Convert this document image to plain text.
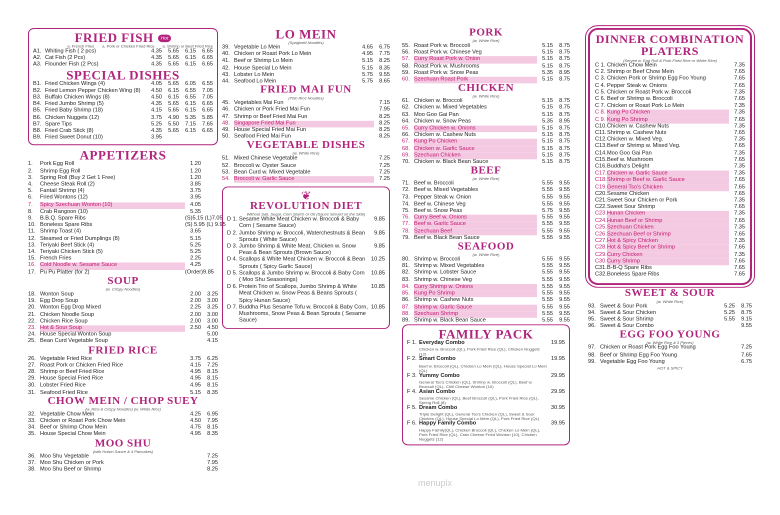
FRIED FISH	Hot
a. French Fries a. Pork or Chicken Fried Rice a. Shrimp or Beef Fried Rice
A1. Whiting Fish ( 2 pcs)	4.35	5.65	6.15	6.65
A2. Cat Fish (2 Pcs)	4.35	5.65	6.15	6.65
A3. Flounder Fish (2 Pcs)	4.35	5.65	6.15	6.65
SPECIAL DISHES
B1. Fried Chicken Wings (4)	4.05	5.65	6.05	6.55
B2. Fried Lemon Pepper Chicken Wing (8)	4.50	6.15	6.55	7.05
B3. Buffalo Chicken Wings (8)	4.50	6.15	6.55	7.05
B4. Fried Jumbo Shrimp (5)	4.35	5.65	6.15	6.65
B5. Fried Baby Shrimp (18)	4.15	5.65	6.15	6.65
B6. Chicken Nuggets (12)	3.75	4.90	5.35	5.85
B7. Spare Tips	5.25	5.50	7.15	7.65
B8. Fried Crab Stick (8)	4.35	5.65	6.15	6.65
B9. Fried Sweet Donut (10)	3.95
APPETIZERS
1.	Pork Egg Roll	1.20
2.	Shrimp Egg Roll	1.20
3.	Spring Roll (Buy 2 Get 1 Free)	1.20
4.	Cheese Steak Roll (2)	3.85
5.	Fantail Shrimp (4)	3.75
6.	Fried Wontons (12)	3.95
7.	Spicy Szechuan Wonton (10)	4.05
8.	Crab Rangoon (10)	5.35
9.	B.B.Q. Spare Ribs	(S)5.15 (L)7.05
10. Boneless Spare Ribs	(S) 5.95 (L) 9.95
11. Shrimp Toast (4)	3.65
12. Steamed or Fried Dumplings (8)	5.15
13. Teriyaki Beef Stick (4)	5.25
14. Teriyaki Chicken Stick (5)	5.25
15. French Fries	2.25
16. Cold Noodle w. Sesame Sauce	4.25
17. Pu Pu Platter (for 2)	(Order)9.85
SOUP
(w. Crispy Noodles)
18. Wonton Soup	2.00	3.25
19. Egg Drop Soup	2.00	3.00
20. Wonton Egg Drop Mixed	2.25	3.25
21. Chicken Noodle Soup	2.00	3.00
22. Chicken Rice Soup	2.00	3.00
23. Hot & Sour Soup	2.50	4.50
24. House Special Wonton Soup	5.00
25. Bean Curd Vegetable Soup	4.15
FRIED RICE
26. Vegetable Fried Rice	3.75	6.25
27. Roast Pork or Chicken Fried Rice	4.15	7.25
28. Shrimp or Beef Fried Rice	4.95	8.15
29. House Special Fried Rice	4.95	8.15
30. Lobster Fried Rice	4.95	8.15
31. Seafood Fried Rice	5.15	8.35
CHOW MEIN / CHOP SUEY
(w. Rice & Crispy Noodles) (w. White Rice)
32. Vegetable Chow Mein	4.25	6.95
33. Chicken or Roast Pork Chow Mein	4.50	7.95
34. Beef or Shrimp Chow Mein	4.75	8.15
35. House Special Chow Mein	4.95	8.35
MOO SHU
(with Hoisin Sauce & 4 Pancakes)
36. Moo Shu Vegetable	7.25
37. Moo Shu Chicken or Pork	7.95
38. Moo Shu Beef or Shrimp	8.25
LO MEIN
(Spaghetti Noodles)
39. Vegetable Lo Mein	4.65	6.75
40. Chicken or Roast Pork Lo Mein	4.95	7.75
41. Beef or Shrimp Lo Mein	5.15	8.25
42. House Special Lo Mein	5.15	8.35
43. Lobster Lo Mein	5.75	9.55
44. Seafood Lo Mein	5.75	8.65
FRIED MAI FUN
(Thin Rice Noodles)
45. Vegetables Mai Fun	7.15
46. Chicken or Pork Fried Mai Fun	7.95
47. Shrimp or Beef Fried Mai Fun	8.25
48. Singapore Fried Mai Fun	8.25
49. House Special Fried Mai Fun	8.25
50. Seafood Fried Mai Fun	8.25
VEGETABLE DISHES
(w. White Rice)
51. Mixed Chinese Vegetable	7.25
52. Broccoli w. Oyster Sauce	7.25
53. Bean Curd w. Mixed Vegetable	7.25
54. Broccoli w. Garlic Sauce	7.25
❦
REVOLUTION DIET
Without Salt, Sugar, Corn Starch or Oil (Sauce Served on the Side)
D 1. Sesame White Meat Chicken w. Broccoli & Baby Corn ( Sesame Sauce)
9.85
D 2. Jumbo Shrimp w. Broccoli, Waterchestnuts & Bean Sprouts ( White Sauce)
9.85
D 3. Jumbo Shrimp & White Meat, Chicken w. Snow Peas & Bean Sprouts (Brown Sauce)
9.85
D 4. Scallops & White Meat Chicken w. Broccoli & Bean Sprouts ( Spicy Garlic Sauce)
10.25
D 5. Scallops & Jumbo Shrimp w. Broccoli & Baby Corn ( Moo Shu Seasonings)
10.85
D 6. Protein Trio of Scallops, Jumbo Shrimp & White Meat Chicken w. Snow Peas & Beans Sprouts ( Spicy Hunan Sauce)
10.85
D 7. Buddha Plus Sesame Tofu w. Broccoli & Baby Corn, Mushrooms, Snow Peas & Bean Sprouts ( Sesame Sauce)
10.85
PORK
(w. White Rice)
55. Roast Pork w. Broccoli	5.15	8.75
56. Roast Pork w. Chinese Veg	5.15	8.75
57. Curry Roast Pork w. Onion	5.15	8.75
58. Roast Pork w. Mushrooms	5.15	8.75
59. Roast Pork w. Snow Peas	5.35	8.95
60. Szechuan Roast Pork	5.15	8.75
CHICKEN
(w. White Rice)
61. Chicken w. Broccoli	5.15	8.75
62. Chicken w. Mixed Vegetables	5.15	8.75
63. Moo Goo Gai Pan	5.15	8.75
64. Chicken w. Snow Peas	5.35	8.95
65. Curry Chicken w. Onions	5.15	8.75
66. Chicken w. Cashew Nuts	5.15	8.75
67. Kung Po Chicken	5.15	8.75
68. Chicken w. Garlic Sauce	5.15	8.75
69. Szechuan Chicken	5.15	8.75
70. Chicken w. Black Bean Sauce	5.15	8.75
BEEF
(w. White Rice)
71. Beef w. Broccoli	5.55	9.55
72. Beef w. Mixed Vegetables	5.55	9.55
73. Pepper Steak w. Onion	5.55	9.55
74. Beef w. Chinese Veg	5.55	9.55
75. Beef w. Snow Peas	5.75	9.55
76. Curry Beef w. Onions	5.55	9.55
77. Beef w. Garlic Sauce	5.55	9.55
78. Szechuan Beef	5.55	9.55
79. Beef w. Black Bean Sauce	5.55	9.55
SEAFOOD
(w. White Rice)
80. Shrimp w. Broccoli	5.55	9.55
81. Shrimp w. Mixed Vegetables	5.55	9.55
82. Shrimp w. Lobster Sauce	5.55	9.55
83. Shrimp w. Chinese Veg	5.55	9.55
84. Curry Shrimp w. Onions	5.55	9.55
85. Kung Po Shrimp	5.55	9.55
86. Shrimp w. Cashew Nuts	5.55	9.55
87. Shrimp w. Garlic Sauce	5.55	9.55
88. Szechuan Shrimp	5.55	9.55
89. Shrimp w. Black Bean Sauce	5.55	9.55
FAMILY PACK
F 1. Everyday Combo	19.95
Chicken w. Broccoli (QL), Pork Fried Rice (QL), Chicken Nuggets (12)
F 2. Smart Combo	19.95
Beef w. Broccoli (QL), Chicken Lo Mein (QL), House Special Lo Mein (QL)
F 3. Yummy Combo	29.95
General Tso's Chicken (QL), Shrimp w. Broccoli (QL), Beef w. Broccoli (QL), Chili Cheese Wonton (10)
F 4. Asian Combo	29.95
Sesame Chicken (QL), Beef Broccoli (QL), Pork Fried Rice (QL), Spring Roll (8)
F 5. Dream Combo	30.95
Triple Delight (QL), General Tso's Chicken (QL), Sweet & Sour Chicken (QL), House Special Lo Mein (QL), Pork Fried Rice (QL)
F 6. Happy Family Combo	39.95
Happy Family(QL), Chicken Broccoli (QL), Chicken Lo Mein (QL), Pork Fried Rice (QL), Crab Cheese Fried Wonton (10), Chicken Nuggets (12)
DINNER COMBINATION PLATERS
(Served w. Egg Roll & Pork Fried Rice or White Rice)
C 1. Chicken Chow Mein	7.35
C 2. Shrimp or Beef Chow Mein	7.65
C 3. Chicken Pork or Shrimp Egg Foo Young	7.65
C 4. Pepper Steak w. Onions	7.65
C 5. Chicken or Roast Pork w. Broccoli	7.35
C 6. Beef or Shrimp w. Broccoli	7.65
C 7. Chicken or Roast Pork Lo Mein	7.35
C 8. Kung Po Chicken	7.35
C 9. Kung Po Shrimp	7.65
C10. Chicken w. Cashew Nuts	7.35
C11. Shrimp w. Cashew Nuts	7.65
C12. Chicken w. Mixed Veg.	7.35
C13. Beef or Shrimp w. Mixed Veg.	7.65
C14. Moo Goo Gai Pan	7.35
C15. Beef w. Mushroom	7.65
C16. Buddha's Delight	7.35
C17. Chicken w. Garlic Sauce	7.35
C18. Shrimp or Beef w. Garlic Sauce	7.65
C19. General Tso's Chicken	7.65
C20. Sesame Chicken	7.65
C21. Sweet Sour Chicken or Pork	7.35
C22. Sweet Sour Shrimp	7.65
C23. Hunan Chicken	7.35
C24. Hunan Beef or Shrimp	7.65
C25. Szechuan Chicken	7.35
C26. Szechuan Beef or Shrimp	7.65
C27. Hot & Spicy Chicken	7.35
C28. Hot & Spicy Beef or Shrimp	7.65
C29. Curry Chicken	7.35
C30. Curry Shrimp	7.65
C31. B-B-Q Spare Ribs	7.65
C32. Boneless Spare Ribs	7.65
SWEET & SOUR
(w. White Rice)
93. Sweet & Sour Pork	5.25	8.75
94. Sweet & Sour Chicken	5.25	8.75
95. Sweet & Sour Shrimp	5.55	9.15
96. Sweet & Sour Combo	9.55
EGG FOO YOUNG
(w. White Rice & 3 Pieces)
97. Chicken or Roast Pork Egg Foo Young	7.25
98. Beef or Shrimp Egg Foo Young	7.65
99. Vegetable Egg Foo Young	6.75
HOT & SPICY
menupix
